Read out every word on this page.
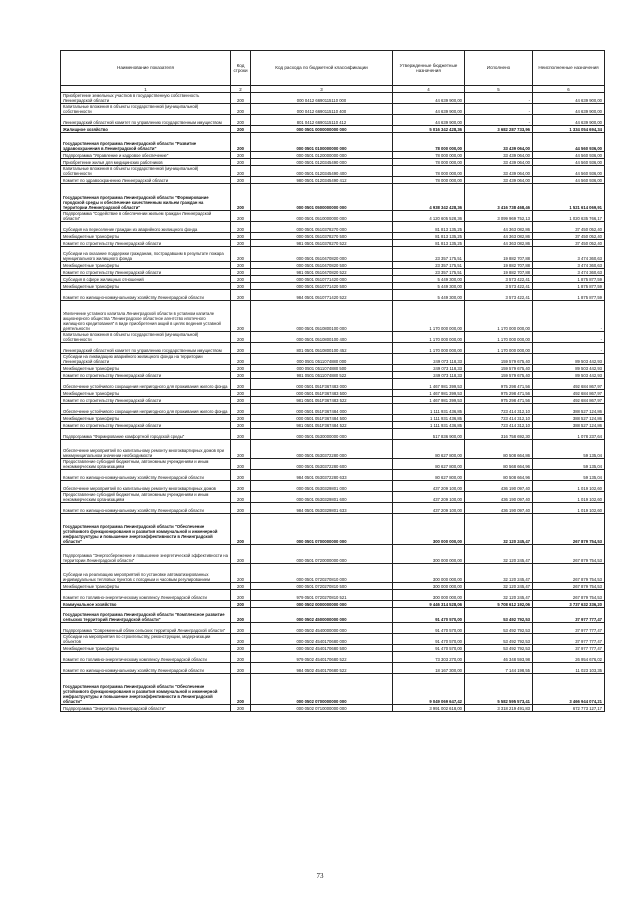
Наименование показателя	Код строки	Код расхода по бюджетной классификации	Утвержденные бюджетные назначения	Исполнено	Неисполненные назначения
1	2	3	4	5	6
Приобретение земельных участков в государственную собственность Ленинградской области	200	000 0412 6690115110 000	44 639 900,00	-	44 639 900,00
Капитальные вложения в объекты государственной (муниципальной) собственности	200	000 0412 6690115110 400	44 639 900,00	-	44 639 900,00
Ленинградский областной комитет по управлению государственным имуществом	200	801 0412 6690115110 412	44 639 900,00	-	44 639 900,00
Жилищное хозяйство	200	000 0501 0000000000 000	5 016 342 428,36	3 682 287 733,96	1 334 054 694,34
Государственная программа Ленинградской области "Развитие здравоохранения в Ленинградской области"	200	000 0501 0100000000 000	78 000 000,00	33 439 064,00	44 560 936,00
Подпрограмма "Управление и кадровое обеспечение"	200	000 0501 0120000000 000	78 000 000,00	33 439 064,00	44 560 936,00
Приобретение жилья для медицинских работников	200	000 0501 0120345490 000	78 000 000,00	33 439 064,00	44 560 936,00
Капитальные вложения в объекты государственной (муниципальной) собственности	200	000 0501 0120345490 400	78 000 000,00	33 439 064,00	44 560 936,00
Комитет по здравоохранению Ленинградской области	200	980 0501 0120345490 412	78 000 000,00	33 439 064,00	44 560 936,00
Государственная программа Ленинградской области "Формирование городской среды и обеспечение качественным жильем граждан на территории Ленинградской области"	200	000 0501 0500000000 000	4 938 342 428,36	3 416 738 468,46	1 521 614 069,91
Подпрограмма "Содействие в обеспечении жильем граждан Ленинградской области"	200	000 0501 0510000000 000	4 120 605 528,36	3 099 969 752,13	1 020 635 766,17
Субсидия на переселение граждан из аварийного жилищного фонда	200	000 0501 0510378270 000	81 813 135,25	44 363 082,86	37 450 052,40
Межбюджетные трансферты	200	000 0501 0510378270 500	81 813 135,25	44 363 082,86	37 450 052,40
Комитет по строительству Ленинградской области	200	981 0501 0510378270 522	81 813 135,25	44 363 082,86	37 450 052,40
Субсидии на оказание поддержки гражданам, пострадавшим в результате пожара муниципального жилищного фонда	200	000 0501 0510470820 000	23 357 175,51	19 882 707,88	3 474 360,63
Межбюджетные трансферты	200	000 0501 0510470820 500	23 357 175,51	19 882 707,88	3 474 360,63
Комитет по строительству Ленинградской области	200	981 0501 0510470820 522	23 357 175,51	19 882 707,88	3 474 360,63
Субсидия в сфере жилищных отношений	200	000 0501 0510771420 000	5 449 300,00	3 573 422,41	1 875 877,59
Межбюджетные трансферты	200	000 0501 0510771420 500	5 449 300,00	3 573 422,41	1 875 877,59
Комитет по жилищно-коммунальному хозяйству Ленинградской области	200	984 0501 0510771420 522	5 449 300,00	3 573 422,41	1 875 877,59
Увеличение уставного капитала Ленинградской области в уставном капитале акционерного общества "Ленинградское областное агентство ипотечного жилищного кредитования" в виде приобретения акций в целях ведения уставной деятельности	200	000 0501 0510800100 000	1 170 000 000,00	1 170 000 000,00	-
Капитальные вложения в объекты государственной (муниципальной) собственности	200	000 0501 0510800100 400	1 170 000 000,00	1 170 000 000,00	-
Ленинградский областной комитет по управлению государственным имуществом	200	801 0501 0510800100 452	1 170 000 000,00	1 170 000 000,00	-
Субсидии на ликвидацию аварийного жилищного фонда на территории Ленинградской области	200	000 0501 0511074880 000	249 073 118,33	159 579 675,40	89 503 442,93
Межбюджетные трансферты	200	000 0501 0511074880 500	249 073 118,33	159 579 675,40	89 503 442,93
Комитет по строительству Ленинградской области	200	981 0501 0511074880 522	249 073 118,33	159 579 675,40	89 503 442,93
Обеспечение устойчивого сокращения непригодного для проживания жилого фонда	200	000 0501 051F367483 000	1 467 981 399,53	975 298 471,56	492 684 867,97
Межбюджетные трансферты	200	000 0501 051F367483 500	1 467 981 399,53	975 298 471,56	492 684 867,97
Комитет по строительству Ленинградской области	200	981 0501 051F367483 522	1 467 981 399,53	975 298 471,56	492 684 867,97
Обеспечение устойчивого сокращения непригодного для проживания жилого фонда	200	000 0501 051F367484 000	1 111 931 436,85	723 414 312,10	388 527 124,86
Межбюджетные трансферты	200	000 0501 051F367484 500	1 111 931 436,85	723 414 312,10	388 527 124,86
Комитет по строительству Ленинградской области	200	981 0501 051F367484 522	1 111 931 436,85	723 414 312,10	388 527 124,86
Подпрограмма "Формирование комфортной городской среды"	200	000 0501 0530000000 000	517 836 900,00	316 758 692,30	1 078 237,64
Обеспечение мероприятий по капитальному ремонту многоквартирных домов при межмуниципальном значении необходимости	200	000 0501 0530372280 000	80 627 800,00	80 508 664,86	59 135,04
Предоставление субсидий бюджетным, автономным учреждениям и иным некоммерческим организациям	200	000 0501 0530372280 600	80 627 800,00	80 568 664,96	59 135,04
Комитет по жилищно-коммунальному хозяйству Ленинградской области	200	984 0501 0530372280 633	80 627 800,00	80 508 664,96	59 135,04
Обеспечение мероприятий по капитальному ремонту многоквартирных домов	200	000 0501 0530329801 000	437 209 100,00	436 190 097,40	1 019 102,60
Предоставление субсидий бюджетным, автономным учреждениям и иным некоммерческим организациям	200	000 0501 0530329801 600	437 209 100,00	436 190 097,40	1 019 102,60
Комитет по жилищно-коммунальному хозяйству Ленинградской области	200	984 0501 0530329801 633	437 209 100,00	436 190 097,40	1 019 102,60
Государственная программа Ленинградской области "Обеспечение устойчивого функционирования и развития коммунальной и инженерной инфраструктуры и повышение энергоэффективности в Ленинградской области"	200	000 0501 0700000000 000	300 000 000,00	32 120 245,47	267 879 754,53
Подпрограмма "Энергосбережение и повышение энергетической эффективности на территории Ленинградской области"	200	000 0501 0720000000 000	300 000 000,00	32 120 245,47	267 879 754,53
Субсидии на реализацию мероприятий по установке автоматизированных индивидуальных тепловых пунктов с погодным и часовым регулированием	200	000 0501 0720270810 000	300 000 000,00	32 120 245,47	267 879 754,53
Межбюджетные трансферты	200	000 0501 0720270810 500	300 000 000,00	32 120 245,47	267 879 754,53
Комитет по топливно-энергетическому комплексу Ленинградской области	200	979 0501 0720270810 521	300 000 000,00	32 120 245,47	267 879 754,53
Коммунальное хозяйство	200	000 0502 0000000000 000	9 446 314 528,06	5 708 612 192,06	3 737 632 336,20
Государственная программа Ленинградской области "Комплексное развитие сельских территорий Ленинградской области"	200	000 0502 4500000000 000	91 470 570,00	53 492 792,53	37 977 777,47
Подпрограмма "Современный облик сельских территорий Ленинградской области"	200	000 0502 4540000000 000	91 470 570,00	53 492 792,53	37 977 777,47
Субсидии на мероприятия по строительству, реконструкции, модернизации объектов	200	000 0502 4540170680 000	91 470 570,00	53 492 792,53	37 977 777,47
Межбюджетные трансферты	200	000 0502 4540170680 500	91 470 570,00	53 492 792,53	37 977 777,47
Комитет по топливно-энергетическому комплексу Ленинградской области	200	979 0502 4540170680 522	73 303 270,00	46 348 593,98	26 954 676,02
Комитет по жилищно-коммунальному хозяйству Ленинградской области	200	984 0502 4540170680 522	18 167 300,00	7 144 198,55	11 023 103,35
Государственная программа Ленинградской области "Обеспечение устойчивого функционирования и развития коммунальной и инженерной инфраструктуры и повышение энергоэффективности в Ленинградской области"	200	000 0502 0700000000 000	9 049 069 647,42	5 582 595 573,41	3 466 944 074,21
Подпрограмма "Энергетика Ленинградской области"	200	000 0502 0710000000 000	3 991 002 618,00	3 318 219 491,83	672 773 127,17
73
